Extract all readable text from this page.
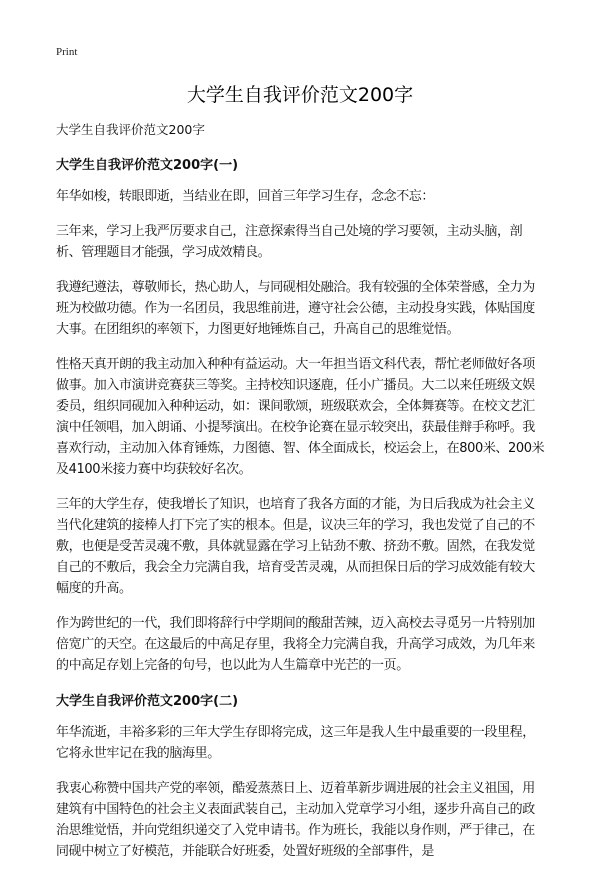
Print
大学生自我评价范文200字

大学生自我评价范文200字

大学生自我评价范文200字(一)

年华如梭，转眼即逝，当结业在即，回首三年学习生存，念念不忘：

三年来，学习上我严厉要求自己，注意探索得当自己处境的学习要领，主动头脑，剖析、管理题目才能强，学习成效精良。

我遵纪遵法，尊敬师长，热心助人，与同砚相处融洽。我有较强的全体荣誉感，全力为班为校做功德。作为一名团员，我思维前进，遵守社会公德，主动投身实践，体贴国度大事。在团组织的率领下，力图更好地锤炼自己，升高自己的思维觉悟。

性格天真开朗的我主动加入种种有益运动。大一年担当语文科代表，帮忙老师做好各项做事。加入市演讲竞赛获三等奖。主持校知识逐鹿，任小广播员。大二以来任班级文娱委员，组织同砚加入种种运动，如：课间歌颂，班级联欢会，全体舞赛等。在校文艺汇演中任领唱，加入朗诵、小提琴演出。在校争论赛在显示较突出，获最佳辩手称呼。我喜欢行动，主动加入体育锤炼，力图德、智、体全面成长，校运会上，在800米、200米及4100米接力赛中均获较好名次。

三年的大学生存，使我增长了知识，也培育了我各方面的才能，为日后我成为社会主义当代化建筑的接棒人打下完了实的根本。但是，议决三年的学习，我也发觉了自己的不敷，也便是受苦灵魂不敷，具体就显露在学习上钻劲不敷、挤劲不敷。固然，在我发觉自己的不敷后，我会全力完满自我，培育受苦灵魂，从而担保日后的学习成效能有较大幅度的升高。

作为跨世纪的一代，我们即将辞行中学期间的酸甜苦辣，迈入高校去寻觅另一片特别加倍宽广的天空。在这最后的中高足存里，我将全力完满自我，升高学习成效，为几年来的中高足存划上完备的句号，也以此为人生篇章中光芒的一页。

大学生自我评价范文200字(二)

年华流逝，丰裕多彩的三年大学生存即将完成，这三年是我人生中最重要的一段里程，它将永世牢记在我的脑海里。

我衷心称赞中国共产党的率领，酷爱蒸蒸日上、迈着革新步调进展的社会主义祖国，用建筑有中国特色的社会主义表面武装自己，主动加入党章学习小组，逐步升高自己的政治思维觉悟，并向党组织递交了入党申请书。作为班长，我能以身作则，严于律己，在同砚中树立了好模范，并能联合好班委，处置好班级的全部事件，是
